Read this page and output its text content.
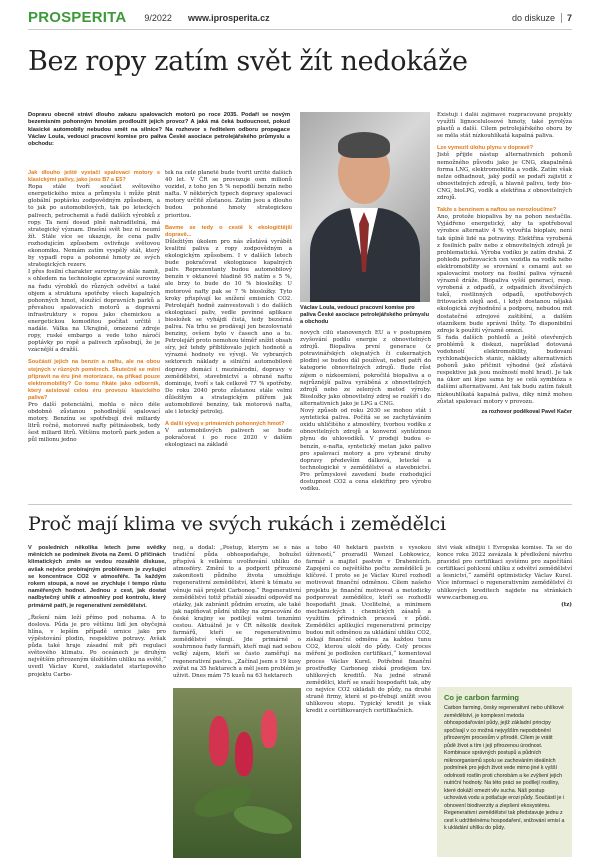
PROSPERITA 9/2022 www.iprosperita.cz	do diskuze	7
Bez ropy zatím svět žít nedokáže

Jak dlouho ještě vystačí spalovací motory s klasickými palivy, jako jsou B7 a E5?

Ropa stále tvoří součást světového energetického mixu a průmyslu i může plnit globální poptávku zodpovědným způsobem, a to jak po automobilových, tak po leteckých palivech, petrochemii a řadě dalších výrobků z ropy. Ta není dosud plně nahraditelná, má strategický význam. Dnešní svět bez ní neumí žít. Stále více se ukazuje, že cena paliv rozhodujícím způsobem ovlivňuje světovou ekonomiku. Nemám zatím vyspělý stát, který by vypadl ropu a pohonné hmoty ze svých strategických rezerv.

I přes fosilní charakter suroviny je stále namít, s ohledem na technologie zpracování suroviny na řadu výrobků do různých odvětví a také objem a struktura spotřeby všech kapalných pohonných hmot, sloužící dopravních parků a převahou spalovacích motorů a dopravní infrastruktury s ropou jako chemickou a energetickou komoditou počítat určitě i nadále. Válka na Ukrajině, omezené zdroje ropy, ruské embargo a vede toho náročí poptávky po ropě a palivech způsobují, že je vzácnější a dražší.

Součástí jejich na benzín a naftu, ale na obou stejných v různých poměrech. Skutečně se mění připravit na éru jiné motorizace, na příkad pouze elektromobility? Co tomu říkáte jako odborník, který asistoval celou éru provozu klasického paliva?

Pro další potenciální, mohla o něco déle obdobně zůstanou pohodlnější spalovací motory. Benzínu se spotřebují dvě miliardy litrů ročně, motorové nafty pětinásobek, tedy šest miliard litrů. Většinu motorů park jeden a půl milionu jedno

Dopravu obecně stráví dlouho zakazu spalovacích motorů po roce 2035. Podaří se novým bezemisním pohonným hmotám prodloužit jejich provoz? A jaká má čeká budoucnost, pokud klasické automobily nebudou smět na silnice? Na rozhovor s ředitelem odboru propagace Václav Loula, vedoucí pracovní komise pro paliva České asociace petrolejářského průmyslu a obchodu:

tek na celé planetě bude tvořit určité dalších 40 let. V ČR se provozuje osm milionů vozidel, z toho jen 5 % nepodílí benzín nebo nafta. V některých typech dopravy spalovací motory určitě zůstanou. Zatím jsou a dlouho budou pohonné hmoty strategickou prioritou.

Bavme se tedy o cestě k ekologičtější dopravě...

Důležitým úkolem pro nás zůstává vyrábět kvalitní paliva z ropy zodpovědným a ekologickým způsobem. I v dalších letech bude pokračovat ekologizace kapalných paliv. Reprezentanty budou automobilový benzín v oktanové hladině 95 natím s 5 %, ale brzy to bude do 10 % biosložky. U motorové nafty pak se 7 % biosložky. Tyto kroky přispívají ke snížení emisních CO2. Petrolejáři hodně zainvestovali i do dalších ekologizací paliv, vedle povinné aplikace biosložek se vyhájdí čistá, tedy bezsírná paliva. Na trhu se prodávají jen bezolovnaté benziny, ovšem bylo v časech ano a to. Petrolejáři proto nemohou téměř snížit obsah síry, jež tehdy přibližovalo jejich hodnotě a výrazné hodnoty ve vývoji. Ve vybraných sektorech náklady a silniční automobilové dopravy domácí i mezinárodní, dopravy v zemědělství, stavebnictví a obrané naftu dominuje, tvoří s tak celkově 77 % spotřeby. Do roku 2040 proto zůstanou stále velmi důležitým a strategickým pilířem jak automobilové benzíny, tak motorová nafta, ale i letecký petrolej.

A další vývoj v primárních pohonných hmot?

V automobilových palivech se bude pokračovat i po roce 2020 v dalším ekologizaci na základě

Václav Loula, vedoucí pracovní komise pro paliva České asociace petrolejářského průmyslu a obchodu

nových cílů stanovených EU a v postupném zvyšování podílu energie z obnovitelných zdrojů. Biopaliva první generace (z potravinářských olejnatých či cukernatých plodin) se budou dál používat, nebot patří do kategorie obnovitelných zdrojů. Bude růst zájem o nízkoemisní, pokročilá biopaliva a o nejrůznější paliva vyráběná z obnovitelných zdrojů nebo ze zelených metod výroby. Biosložky jako obnovitelný zdroj se rozšíří i do alternativních jako je LPG a CNG.

Nový způsob od roku 2030 se mohou stát i syntetická paliva. Počítá se se zachytáváním oxidu uhličitého z atmosféry, tvorbou vodíku z obnovitelných zdrojů a konverzí syntézinou plynu do uhlovodíků. V prodeji budou e-benzín, e-nafta, syntetický metan jako palivo pro spalovací motory a pro vybrané druhy dopravy především dálková, letecké a technologické v zemědělství a stavebnictví. Pro průmyslové zavedení bude rozhodující dostupnost CO2 a cena elektřiny pro výrobu vodíku.

Existují i další zajímavé rozpracované projekty využití lignocelulosové hmoty, také pyrolýza plastů a další. Cílem petrolejářského oboru by se měla stát nízkouhlíkatá kapalná paliva.

Lze vymezit úlohu plynu v dopravě?

Jistě přijde nástup alternativních pohonů nemožného původu jako je CNG, zkapalněná forma LNG, elektromobilita a vodík. Zatím však nelze odhadnout, jaký podíl se podaří zajistit z obnovitelných zdrojů, a hlavně palivu, tedy bio-CNG, bioLPG, vodík a elektřina z obnovitelných zdrojů.

Takže s benzínem a naftou se nerozloučíme?

Ano, protože biopaliva by na pohon nestačila. Vyjádřeno energetický, aby ta spotřeboval výrobce alternativ 4 % vytvořila bioplaiv, není tak úplně lidé na potraviny. Elektřina vyrobená z fosilních paliv nebo z obnovitelných zdrojů je problematická. Výroba vodíku je zatím drahá. Z pohledu pořizovacích cen vozidla na vodík nebo elektromobility se srovnání s cenami aut se spalovacími motory na fosilní paliva výrazně výrazně dráže. Biopaliva vyšší generací, resp. vyrobená z odpadů, z odpadních živočišných tuků, rostlinných odpadů, spotřebových fritovacích olejů aod., i když dostanou nějaká ekologická zvýhodnění a podporu, nebudou mít dostatečné zdrojové zaštítění, a dalším otazníkem bude správní lhůty. To disponibilní zdroje k použití výrazně omezí.

S řada dalších pohledů a ještě otevřených problémů k diskuzi, naprůklad dotovaná vodohnotí elektromobility, budovaní rychlonabíjecích stanic, náklady alternativních pohonů jako přičinit výhodné (jež zůstává respektive jak jsou možností mohl hrad). Je tak na úkor ani lépe sama by se celá symbióza s dalšími alternativami. Ani tak budu zatím fakult nízkouhlíkatá kapalná paliva, díky nimž mohou zůstat spalovací motory v provozu.

za rozhovor poděkoval Pavel Kačer

Proč mají klima ve svých rukách i zemědělci

V posledních několika letech jsme svědky měnících se podmínek života na Zemi. O příčinách klimatických změn se vedou rozsáhlé diskuse, avšak nejvíce probírajným problémem je zvyšující se koncentrace CO2 v atmosféře. Ta každým rokem stoupá, a nové se zrychluje i tempo růstu naměřených hodnot. Jednou z cest, jak dostat nadbytečný uhlík z atmosféry pod kontrolu, který primárně patří, je regenerativní zemědělství.

„Řešení nám leží přímo pod nohama. A to doslova. Půda je pro většinu lidí jen obyčejná hlína, v lepším případě ornice jako pro výpěstování plodin, respektive potravy. Avšak půda také hraje zásadní mít při regulaci světového klimatu. Po oceánech je druhým největším přirozeným úložištěm uhlíku na světě,“ uvedl Václav Kurel, zakladatel startupového projektu Carbo-

neg, a dodal: „Postup, kterým se s nás tradiční půda obhospodařuje, bohužel přispívá k velkému uvolňování uhlíku do atmosféry. Změní to a podporit přirozené zakonitosti půdního života umožňuje regenerativní zemědělství, které k tématu se věnuje náš projekt Carboneg.“ Regenerativní zemědělství totiž přistálí zásadní odpověď na otázky, jak zabránit půdním erozím, ale také jak naplňovat půdní uhlíky na zpracování do české krajiny se podílejí velmi tenzními cestou. Aktuálně je v ČR několik desítek farmářů, kteří se regenerativnímu zemědělství věnují. Jde primárně o souhrnnou řady farmáři, kteří mají nad sebou velký zájem, kteří se často zaměřují na regenerativní pastvu. „Začínal jsem s 19 kusy zvířat na 35 hektarech a měl jsem problém je uživit. Dnes mám 75 kusů na 63 hektarech

a tobo 40 hektarů pastvin s vysokou úživností,“ prozradil Wenzel Lobkowicz, farmář a majitel pastvin v Drahenicích. Zapojení co největšího počtu zemědělců je klíčové. I proto se je Václav Kurel rozhodl motivovat finanční odměnou. Cílem našeho projektu je finanční motivovat a metodicky podporovat zemědělce, kteří se rozhodli hospodařit jinak. Ucelitelné, a minimem mechanických i chemických zásahů a využitím přírodních procesů v půdě. Zemědělci aplikující regenerativní principy budou mít odměnou za ukládání uhlíku CO2, získají finanční odměnu za každou tunu CO2, kterou uloží do půdy. Celý proces měření je podložen certifikací,“ komentoval proces Václav Kurel. Potřebné finanční prostředky Carboneg získá prodejem tzv. uhlíkových kreditů. Na jedné straně zemědělci, kteří se snaží hospodařit tak, aby co nejvíce CO2 ukládali do půdy, na druhé straně firmy, které si po-třebují snížit svou uhlíkovou stopu. Typický kredit je však kredit z certifikovaných certifikačních.

štvi však silnější i Evropská komise. Ta se do konce roku 2022 zavázala k předložení návrhu pravidel pro certifikaci systému pro započítání certifikací pohlcení uhlíku z odvětví zemědělství a lesnictví,“ zaměřil optimisticky Václav Kurel. Více informací o regenerativním zemědělství či uhlíkových kreditech najdete na stránkách www.carboneg.eu.

(tz)

Co je carbon farming
Carbon farming, česky regenerativní nebo uhlíkové zemědělství, je komplexní metoda obhospodařování půdy, jejíž základní principy spočívají v co možná nejvyšším nepodobnění přirozeným procesům v přírodě. Cílem je vrátit půdě život a tím i její přirozenou úrodnost. Kombinace správných postupů a půdních mikroorganismů spolu se zachováním ideálních podmínek pro jejich život vede mimo jiné k vyšší odolnosti rostlin proti chorobám a ke zvýšení jejich nutriční hodnoty. Na této práci se podílejí rostliny, které dokáží omezit vliv sucha. Náš postup uchovává vodu a potlačuje erozi půdy. Součástí je i obnovení biodiverzity a zlepšení ekosystému. Regenerativní zemědělství tak představuje jednu z cest k udržitelnému hospodaření, snižování emisí a k ukládání uhlíku do půdy.
